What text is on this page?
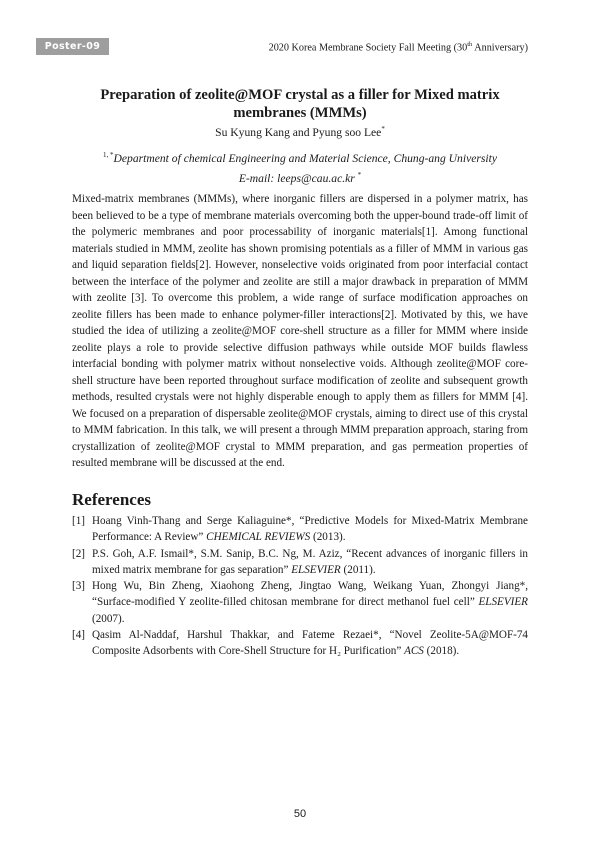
Poster-09	2020 Korea Membrane Society Fall Meeting (30th Anniversary)
Preparation of zeolite@MOF crystal as a filler for Mixed matrix membranes (MMMs)
Su Kyung Kang and Pyung soo Lee*
$^{1, *}$Department of chemical Engineering and Material Science, Chung-ang University
E-mail: leeps@cau.ac.kr *

Mixed-matrix membranes (MMMs), where inorganic fillers are dispersed in a polymer matrix, has been believed to be a type of membrane materials overcoming both the upper-bound trade-off limit of the polymeric membranes and poor processability of inorganic materials[1]. Among functional materials studied in MMM, zeolite has shown promising potentials as a filler of MMM in various gas and liquid separation fields[2]. However, nonselective voids originated from poor interfacial contact between the interface of the polymer and zeolite are still a major drawback in preparation of MMM with zeolite [3]. To overcome this problem, a wide range of surface modification approaches on zeolite fillers has been made to enhance polymer-filler interactions[2]. Motivated by this, we have studied the idea of utilizing a zeolite@MOF core-shell structure as a filler for MMM where inside zeolite plays a role to provide selective diffusion pathways while outside MOF builds flawless interfacial bonding with polymer matrix without nonselective voids. Although zeolite@MOF core-shell structure have been reported throughout surface modification of zeolite and subsequent growth methods, resulted crystals were not highly disperable enough to apply them as fillers for MMM [4]. We focused on a preparation of dispersable zeolite@MOF crystals, aiming to direct use of this crystal to MMM fabrication. In this talk, we will present a through MMM preparation approach, staring from crystallization of zeolite@MOF crystal to MMM preparation, and gas permeation properties of resulted membrane will be discussed at the end.

References
[1] Hoang Vinh-Thang and Serge Kaliaguine*, “Predictive Models for Mixed-Matrix Membrane Performance: A Review” CHEMICAL REVIEWS (2013).
[2] P.S. Goh, A.F. Ismail*, S.M. Sanip, B.C. Ng, M. Aziz, “Recent advances of inorganic fillers in mixed matrix membrane for gas separation” ELSEVIER (2011).
[3] Hong Wu, Bin Zheng, Xiaohong Zheng, Jingtao Wang, Weikang Yuan, Zhongyi Jiang*, “Surface-modified Y zeolite-filled chitosan membrane for direct methanol fuel cell” ELSEVIER (2007).
[4] Qasim Al-Naddaf, Harshul Thakkar, and Fateme Rezaei*, “Novel Zeolite-5A@MOF-74 Composite Adsorbents with Core-Shell Structure for H₂ Purification” ACS (2018).
50
